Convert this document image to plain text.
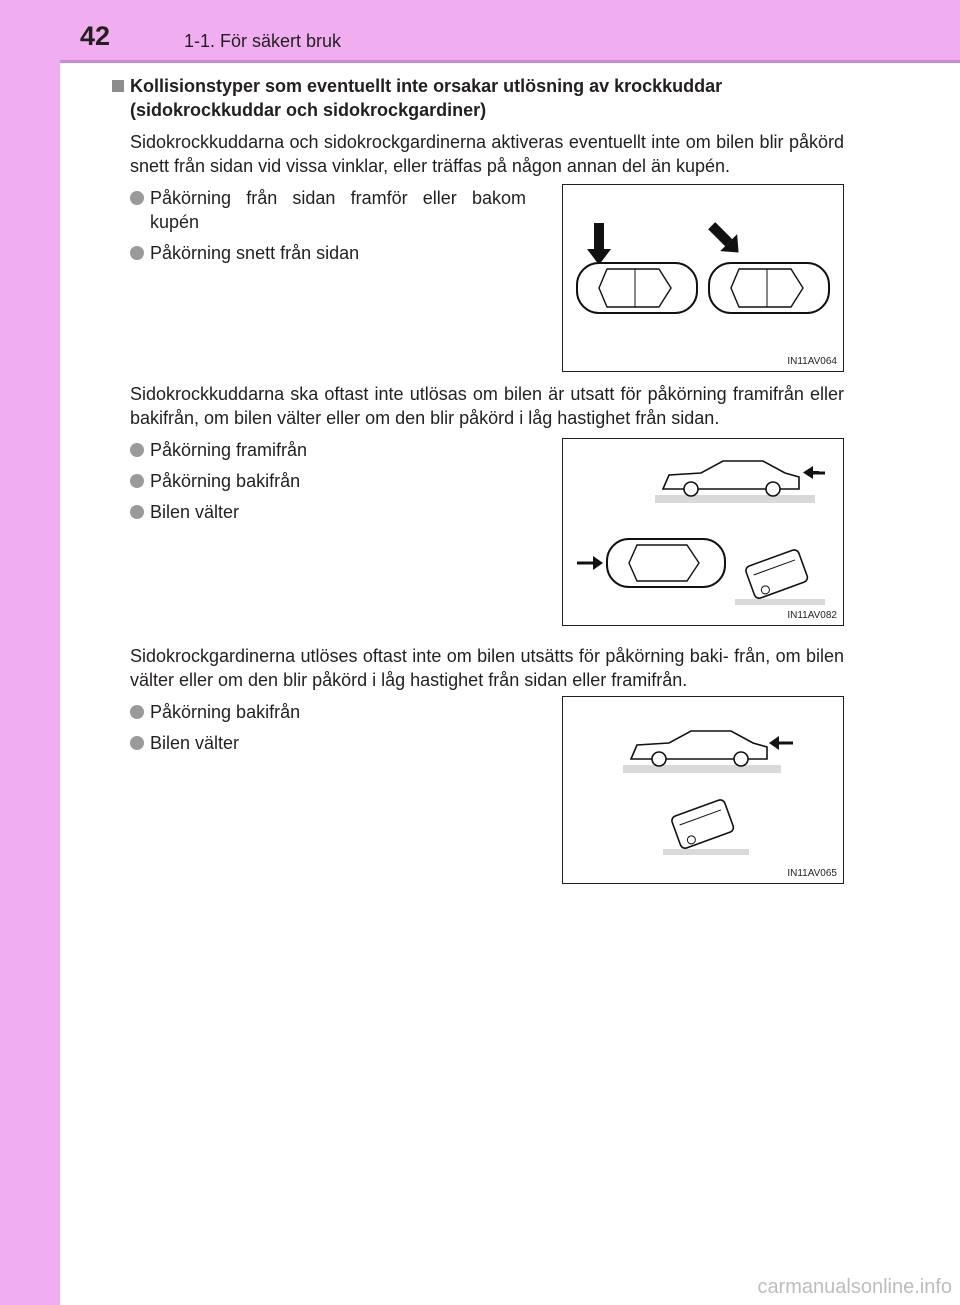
42	1-1. För säkert bruk
Kollisionstyper som eventuellt inte orsakar utlösning av krockkuddar
(sidokrockkuddar och sidokrockgardiner)

Sidokrockkuddarna och sidokrockgardinerna aktiveras eventuellt inte om bilen blir påkörd snett från sidan vid vissa vinklar, eller träffas på någon annan del än kupén.

Påkörning från sidan framför eller bakom kupén
Påkörning snett från sidan
IN11AV064

Sidokrockkuddarna ska oftast inte utlösas om bilen är utsatt för påkörning framifrån eller bakifrån, om bilen välter eller om den blir påkörd i låg hastighet från sidan.

Påkörning framifrån
Påkörning bakifrån
Bilen välter
IN11AV082

Sidokrockgardinerna utlöses oftast inte om bilen utsätts för påkörning baki- från, om bilen välter eller om den blir påkörd i låg hastighet från sidan eller framifrån.

Påkörning bakifrån
Bilen välter
IN11AV065
carmanualsonline.info
